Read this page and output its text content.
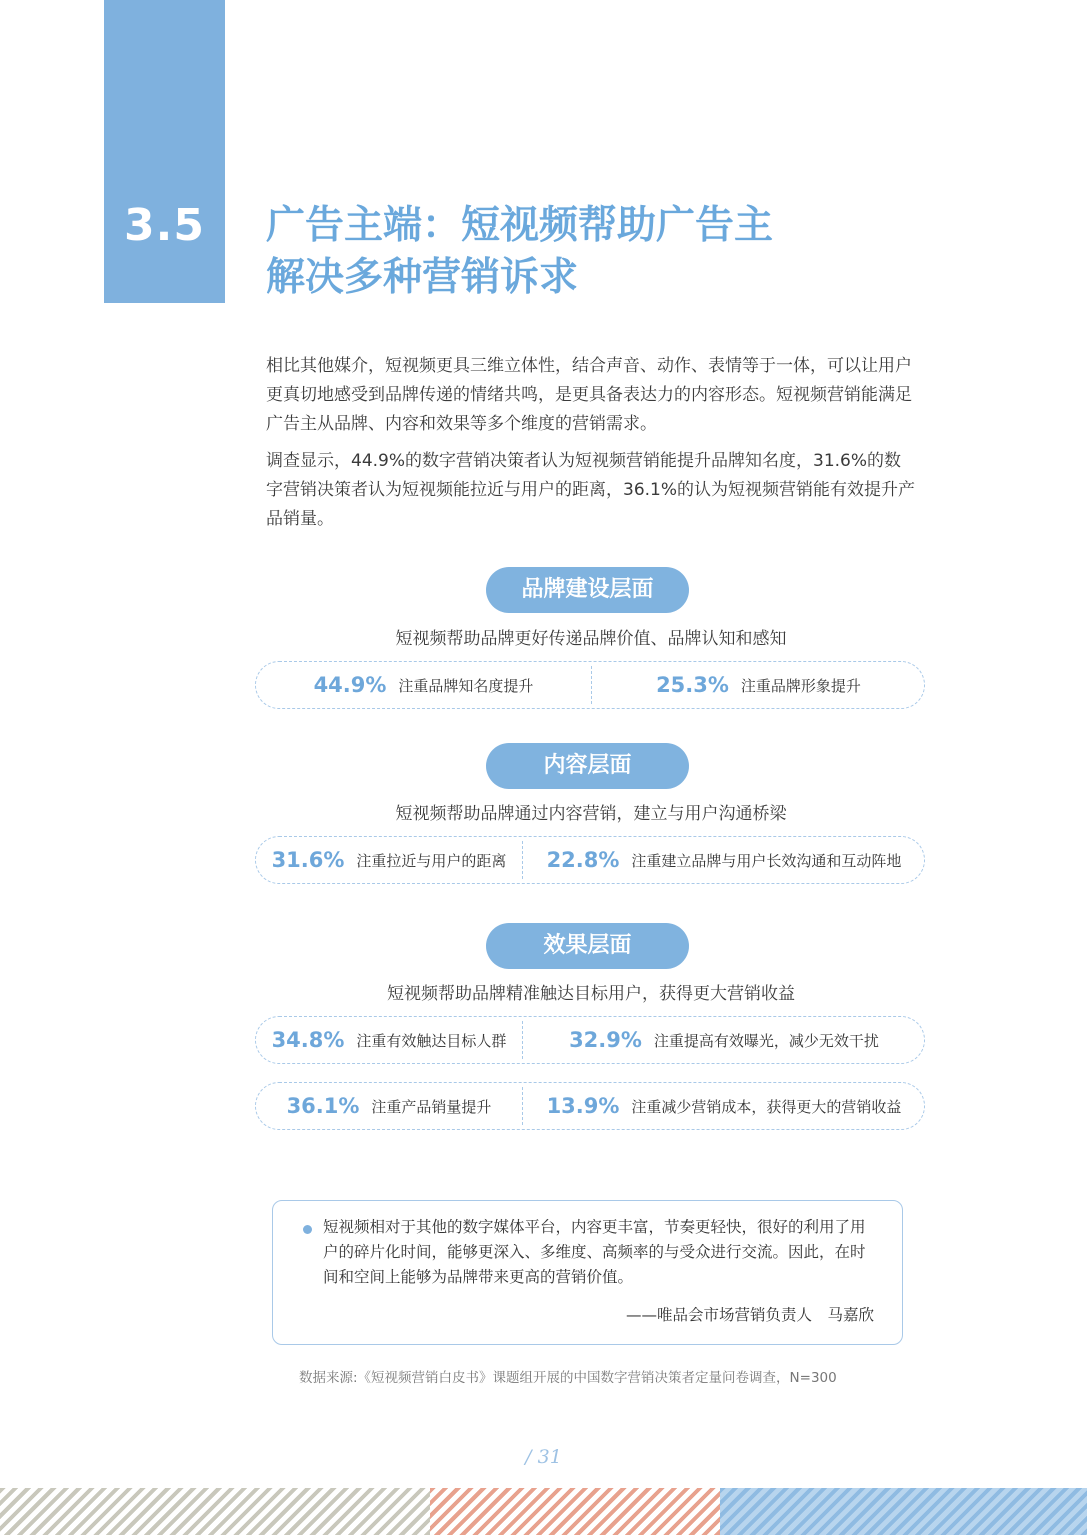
3.5	广告主端：短视频帮助广告主
解决多种营销诉求

相比其他媒介，短视频更具三维立体性，结合声音、动作、表情等于一体，可以让用户更真切地感受到品牌传递的情绪共鸣，是更具备表达力的内容形态。短视频营销能满足广告主从品牌、内容和效果等多个维度的营销需求。

调查显示，44.9%的数字营销决策者认为短视频营销能提升品牌知名度，31.6%的数字营销决策者认为短视频能拉近与用户的距离，36.1%的认为短视频营销能有效提升产品销量。

品牌建设层面
短视频帮助品牌更好传递品牌价值、品牌认知和感知
44.9% 注重品牌知名度提升	25.3% 注重品牌形象提升
内容层面
短视频帮助品牌通过内容营销，建立与用户沟通桥梁
31.6% 注重拉近与用户的距离 22.8% 注重建立品牌与用户长效沟通和互动阵地
效果层面
短视频帮助品牌精准触达目标用户，获得更大营销收益
34.8% 注重有效触达目标人群	32.9% 注重提高有效曝光，减少无效干扰
36.1% 注重产品销量提升	13.9% 注重减少营销成本，获得更大的营销收益
短视频相对于其他的数字媒体平台，内容更丰富，节奏更轻快，很好的利用了用户的碎片化时间，能够更深入、多维度、高频率的与受众进行交流。因此，在时间和空间上能够为品牌带来更高的营销价值。
——唯品会市场营销负责人　马嘉欣
数据来源:《短视频营销白皮书》课题组开展的中国数字营销决策者定量问卷调查，N=300
/ 31
